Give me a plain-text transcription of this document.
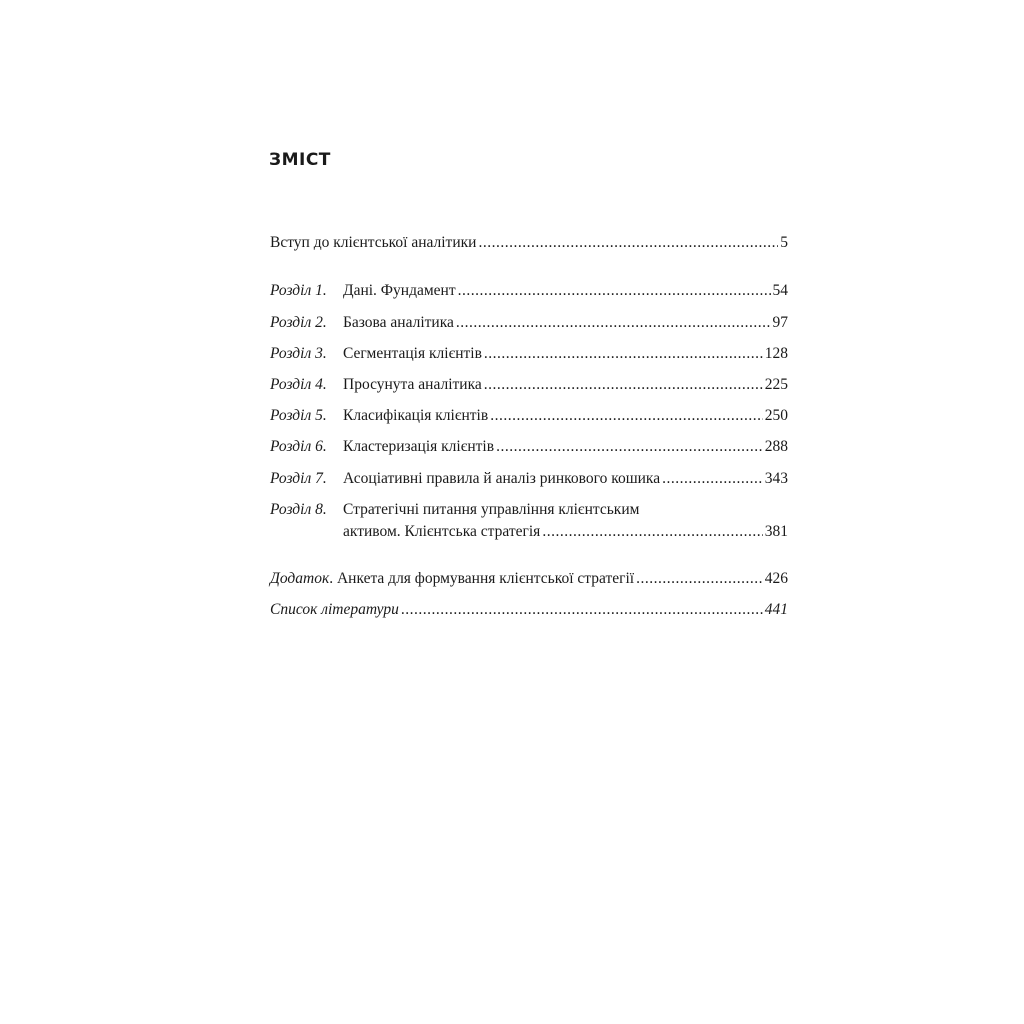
ЗМІСТ
Вступ до клієнтської аналітики .....	5
Розділ 1.	Дані. Фундамент .....	54
Розділ 2.	Базова аналітика .....	97
Розділ 3.	Сегментація клієнтів .....	128
Розділ 4.	Просунута аналітика .....	225
Розділ 5.	Класифікація клієнтів .....	250
Розділ 6.	Кластеризація клієнтів .....	288
Розділ 7.	Асоціативні правила й аналіз ринкового кошика .....	343
Розділ 8.	Стратегічні питання управління клієнтським
активом. Клієнтська стратегія .....	381
Додаток . Анкета для формування клієнтської стратегії .....	426
Список літератури .....	441
